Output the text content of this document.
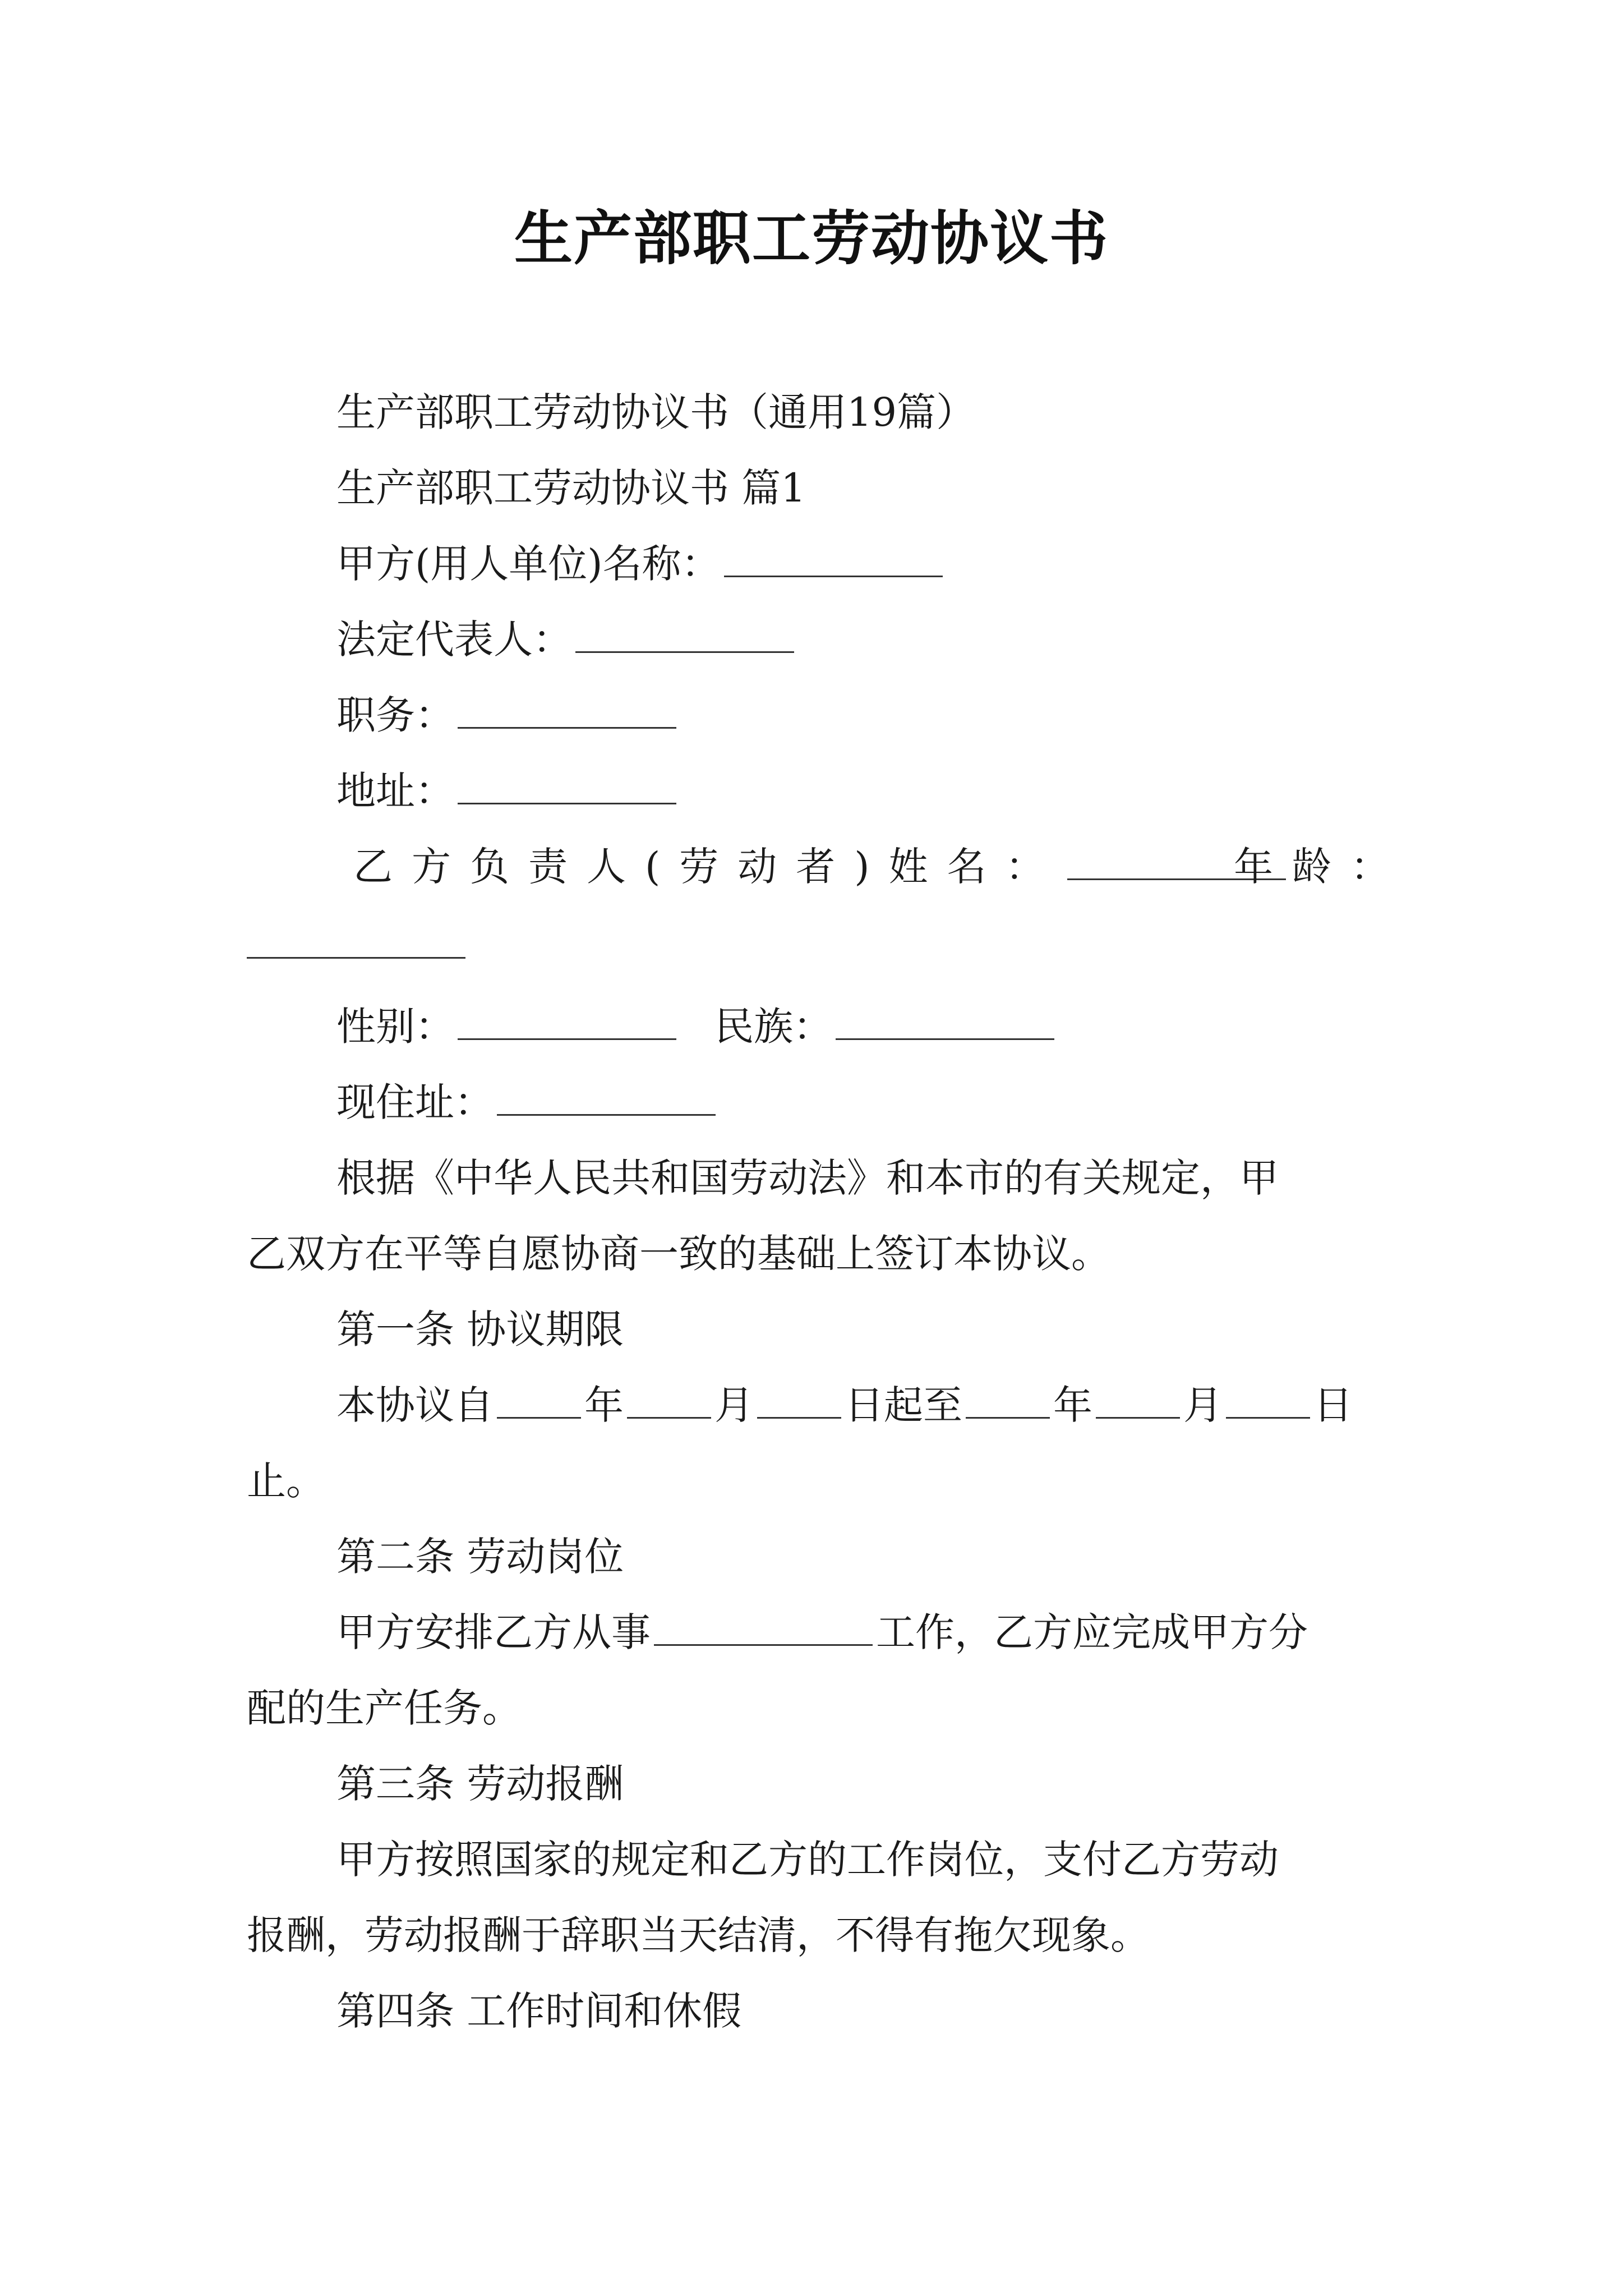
生产部职工劳动协议书
生产部职工劳动协议书（通用19篇）
生产部职工劳动协议书 篇1
甲方(用人单位)名称：
法定代表人：
职务：
地址：
乙方负责人(劳动者)姓名：	年龄：
性别：	民族：
现住址：
根据《中华人民共和国劳动法》和本市的有关规定，甲
乙双方在平等自愿协商一致的基础上签订本协议。
第一条 协议期限
本协议自 年 月 日起至 年 月 日
止。
第二条 劳动岗位
甲方安排乙方从事	工作，乙方应完成甲方分
配的生产任务。
第三条 劳动报酬
甲方按照国家的规定和乙方的工作岗位，支付乙方劳动
报酬，劳动报酬于辞职当天结清，不得有拖欠现象。
第四条 工作时间和休假
